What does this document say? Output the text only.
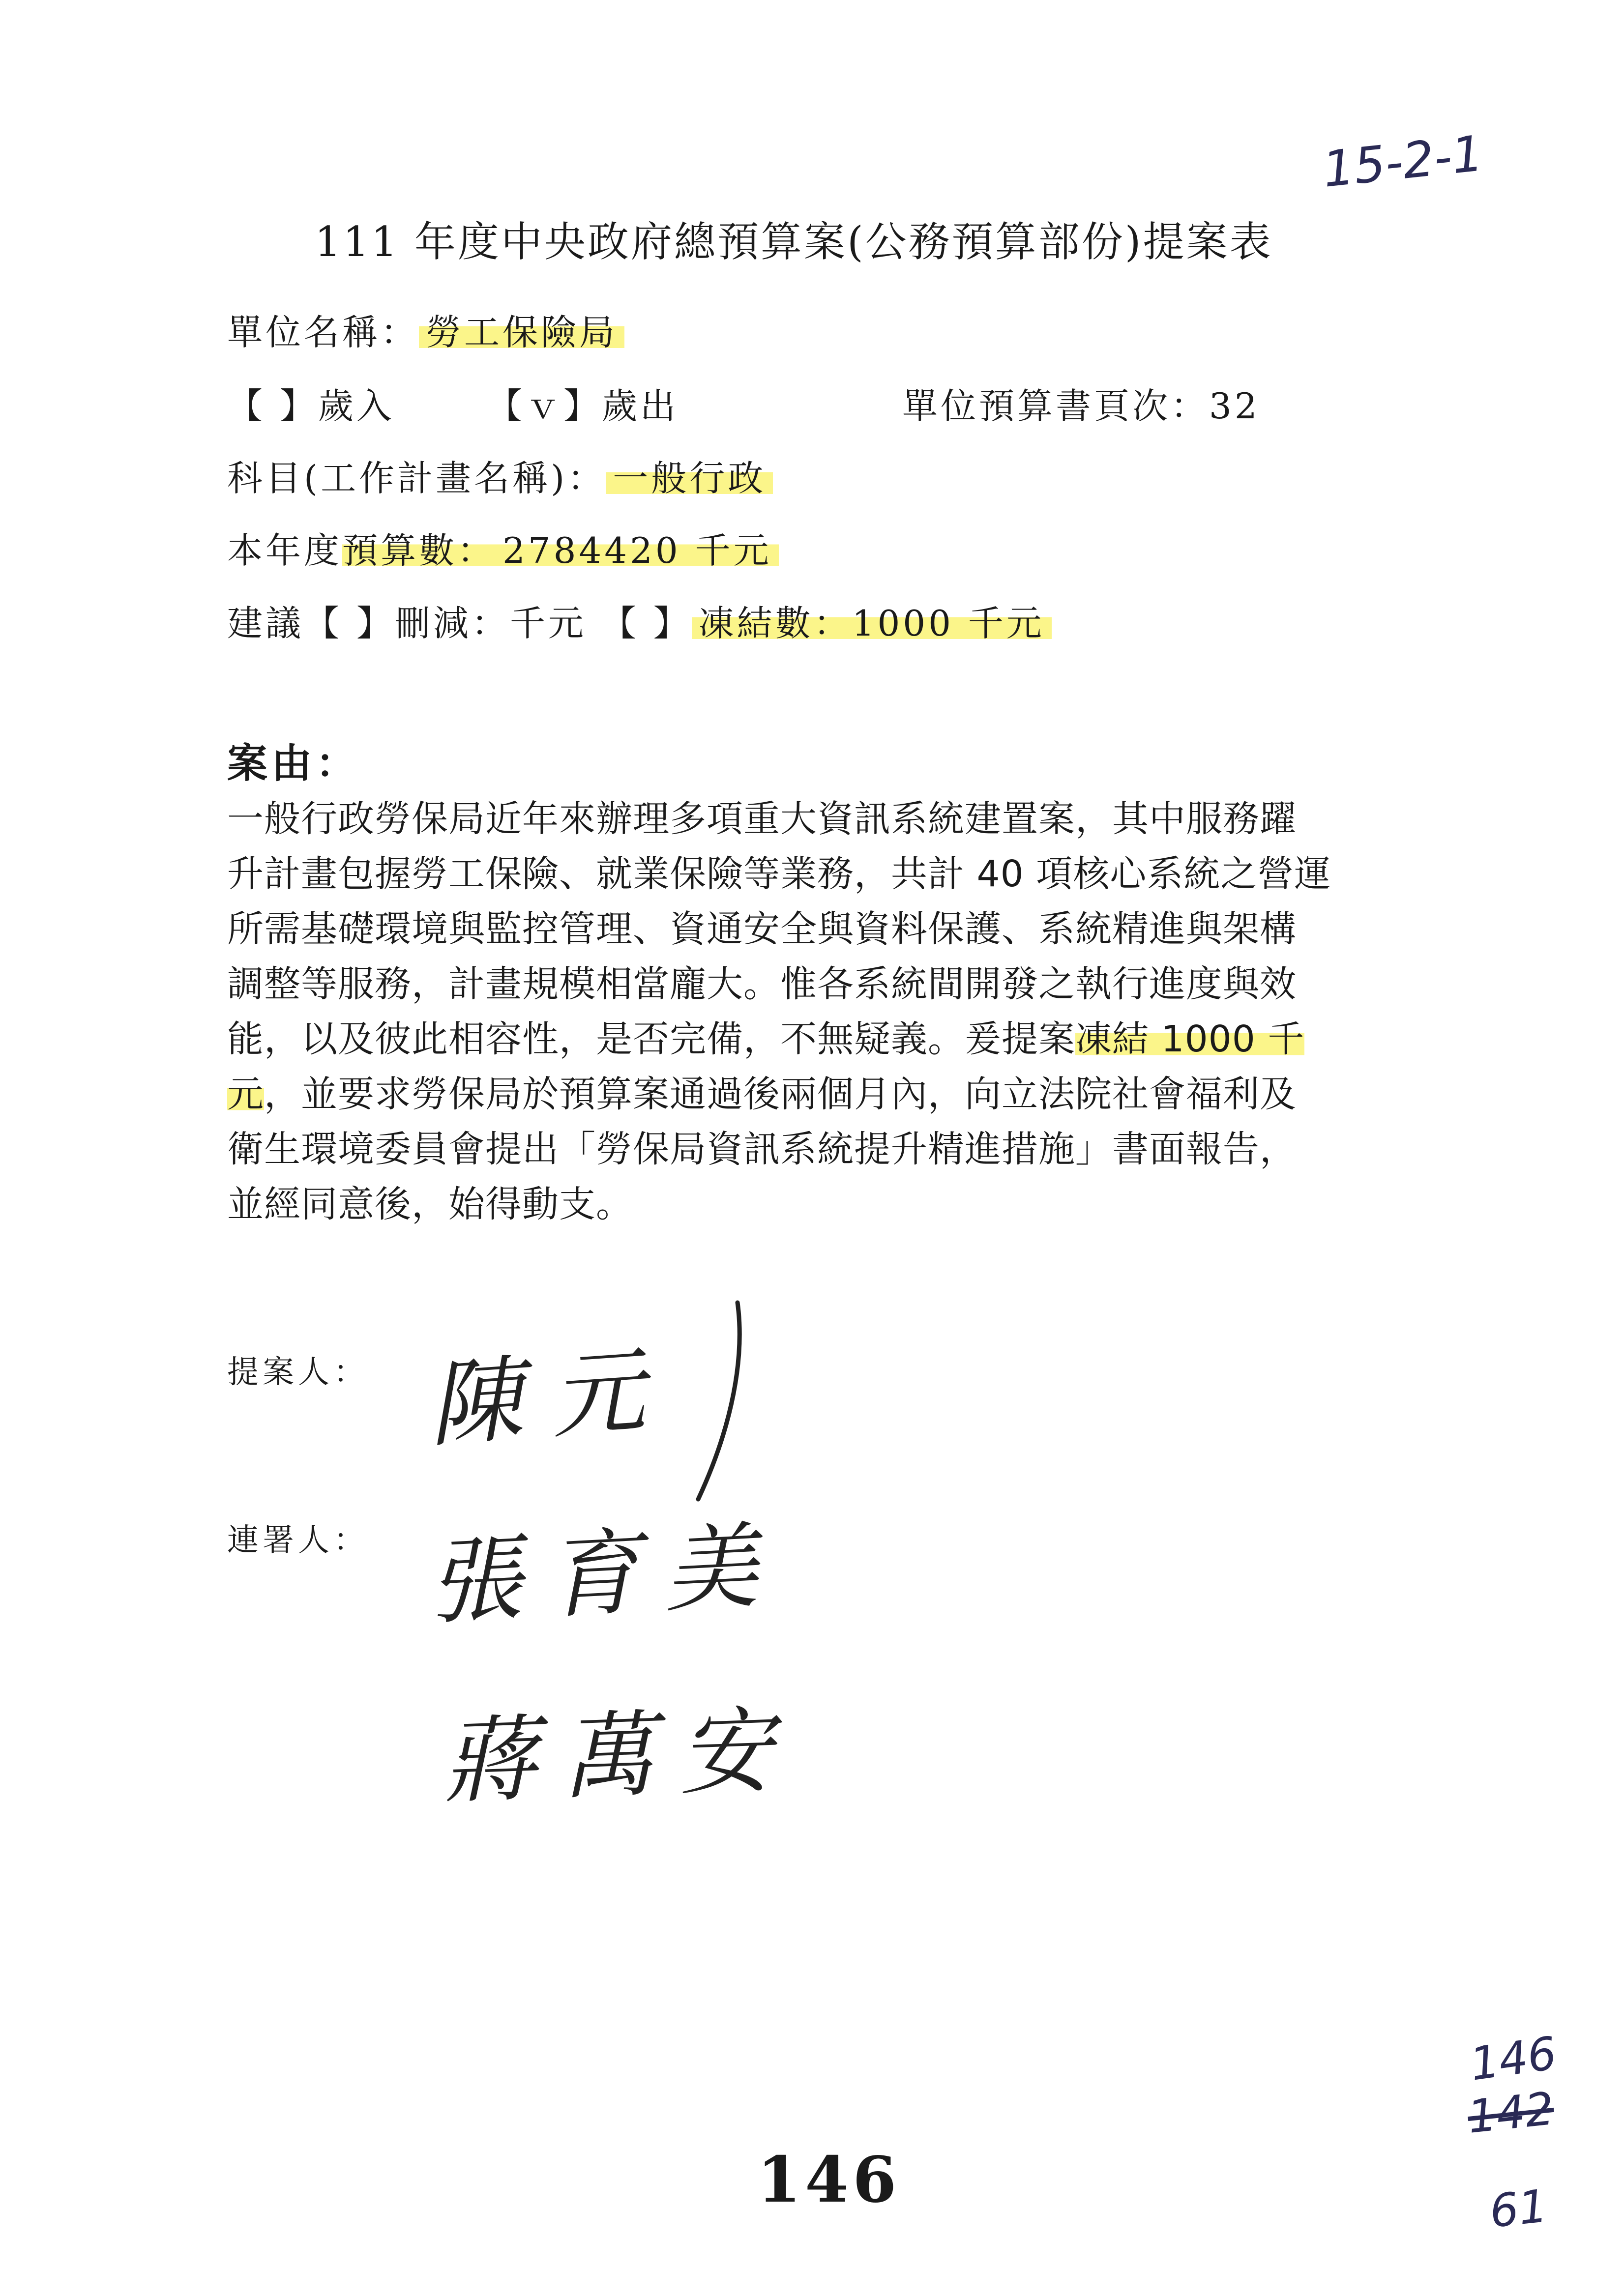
15-2-1
111 年度中央政府總預算案(公務預算部份)提案表
單位名稱： 勞工保險局
【 】歲入	【ｖ】歲出	單位預算書頁次：32
科目(工作計畫名稱)： 一般行政
本年度預算數： 2784420 千元
建議【 】刪減：千元 【 】 凍結數：1000 千元
案由：

一般行政勞保局近年來辦理多項重大資訊系統建置案，其中服務躍

升計畫包握勞工保險、就業保險等業務，共計 40 項核心系統之營運

所需基礎環境與監控管理、資通安全與資料保護、系統精進與架構

調整等服務，計畫規模相當龐大。惟各系統間開發之執行進度與效

能，以及彼此相容性，是否完備，不無疑義。爰提案凍結 1000 千

元，並要求勞保局於預算案通過後兩個月內，向立法院社會福利及

衛生環境委員會提出「勞保局資訊系統提升精進措施」書面報告，

並經同意後，始得動支。

提案人： 陳元
連署人： 張育美
蔣萬安
146
142
61
146
